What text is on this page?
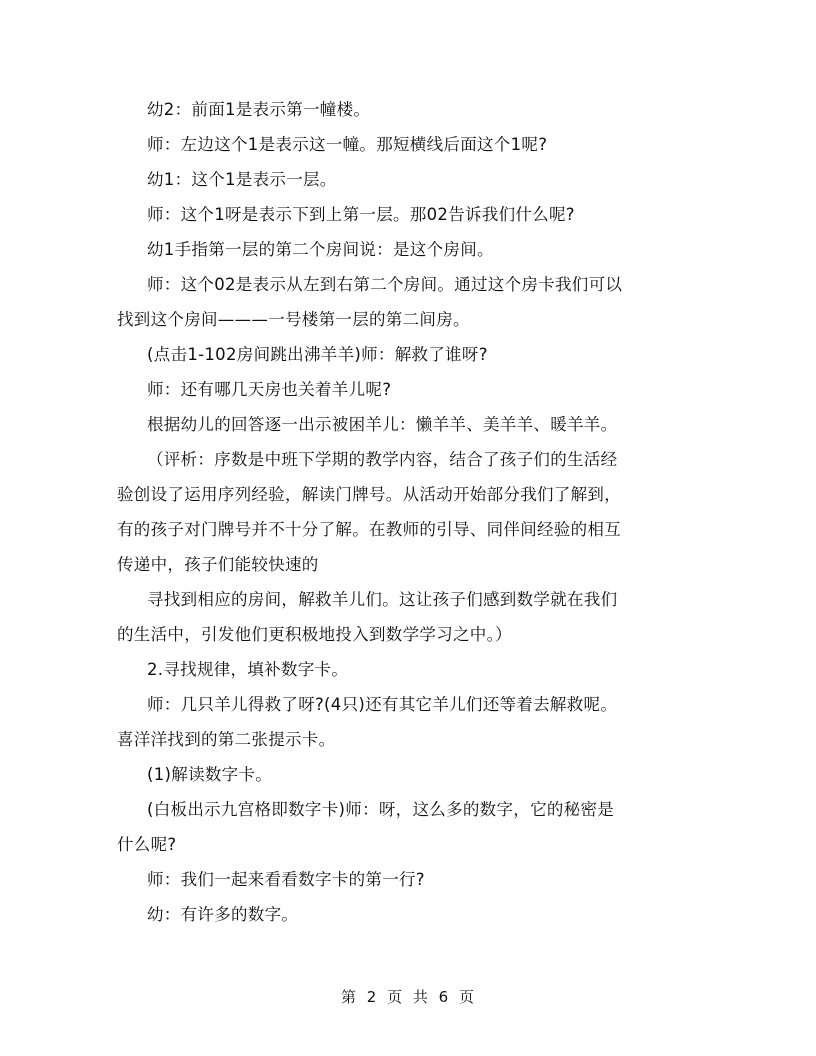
幼2：前面1是表示第一幢楼。

师：左边这个1是表示这一幢。那短横线后面这个1呢?

幼1：这个1是表示一层。

师：这个1呀是表示下到上第一层。那02告诉我们什么呢?

幼1手指第一层的第二个房间说：是这个房间。

师：这个02是表示从左到右第二个房间。通过这个房卡我们可以

找到这个房间———一号楼第一层的第二间房。

(点击1-102房间跳出沸羊羊)师：解救了谁呀?

师：还有哪几天房也关着羊儿呢?

根据幼儿的回答逐一出示被困羊儿：懒羊羊、美羊羊、暖羊羊。

（评析：序数是中班下学期的教学内容，结合了孩子们的生活经

验创设了运用序列经验，解读门牌号。从活动开始部分我们了解到，

有的孩子对门牌号并不十分了解。在教师的引导、同伴间经验的相互

传递中，孩子们能较快速的

寻找到相应的房间，解救羊儿们。这让孩子们感到数学就在我们

的生活中，引发他们更积极地投入到数学学习之中。）

2.寻找规律，填补数字卡。

师：几只羊儿得救了呀?(4只)还有其它羊儿们还等着去解救呢。

喜洋洋找到的第二张提示卡。

(1)解读数字卡。

(白板出示九宫格即数字卡)师：呀，这么多的数字，它的秘密是

什么呢?

师：我们一起来看看数字卡的第一行?

幼：有许多的数字。

第 2 页 共 6 页
